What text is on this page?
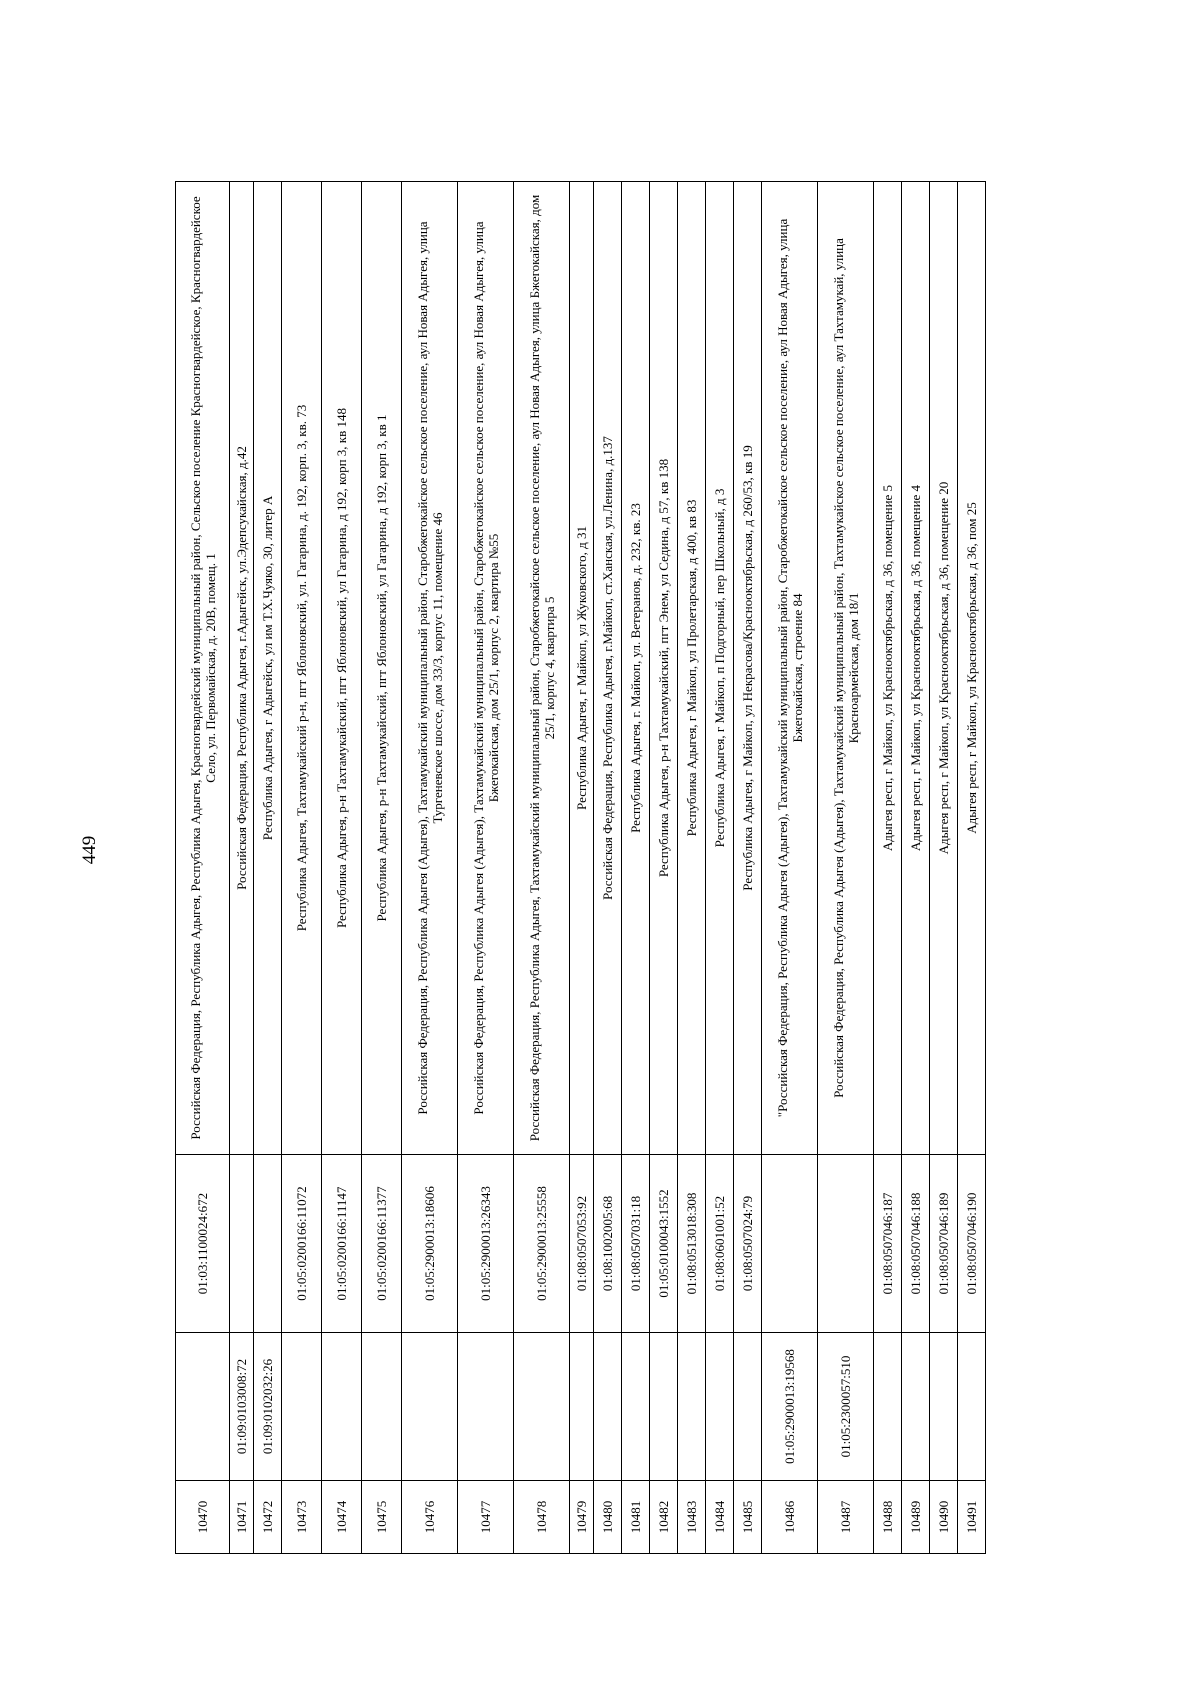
449
10470		01:03:1100024:672	Российская Федерация, Республика Адыгея, Республика Адыгея, Красногвардейский муниципальный район, Сельское поселение Красногвардейское, Красногвардейское Село, ул. Первомайская, д. 20В, помещ. 1
10471	01:09:0103008:72		Российская Федерация, Республика Адыгея, г.Адыгейск, ул.Эдепсукайская, д.42
10472	01:09:0102032:26		Республика Адыгея, г Адыгейск, ул им Т.Х.Чуяко, 30, литер А
10473		01:05:0200166:11072	Республика Адыгея, Тахтамукайский р-н, пгт Яблоновский, ул. Гагарина, д. 192, корп. 3, кв. 73
10474		01:05:0200166:11147	Республика Адыгея, р-н Тахтамукайский, пгт Яблоновский, ул Гагарина, д 192, корп 3, кв 148
10475		01:05:0200166:11377	Республика Адыгея, р-н Тахтамукайский, пгт Яблоновский, ул Гагарина, д 192, корп 3, кв 1
10476		01:05:2900013:18606	Российская Федерация, Республика Адыгея (Адыгея), Тахтамукайский муниципальный район, Старобжегокайское сельское поселение, аул Новая Адыгея, улица Тургеневское шоссе, дом 33/3, корпус 11, помещение 46
10477		01:05:2900013:26343	Российская Федерация, Республика Адыгея (Адыгея), Тахтамукайский муниципальный район, Старобжегокайское сельское поселение, аул Новая Адыгея, улица Бжегокайская, дом 25/1, корпус 2, квартира №55
10478		01:05:2900013:25558	Российская Федерация, Республика Адыгея, Тахтамукайский муниципальный район, Старобжегокайское сельское поселение, аул Новая Адыгея, улица Бжегокайская, дом 25/1, корпус 4, квартира 5
10479		01:08:0507053:92	Республика Адыгея, г Майкоп, ул Жуковского, д 31
10480		01:08:1002005:68	Российская Федерация, Республика Адыгея, г.Майкоп, ст.Ханская, ул.Ленина, д.137
10481		01:08:0507031:18	Республика Адыгея, г. Майкоп, ул. Ветеранов, д. 232, кв. 23
10482		01:05:0100043:1552	Республика Адыгея, р-н Тахтамукайский, пгт Энем, ул Седина, д 57, кв 138
10483		01:08:0513018:308	Республика Адыгея, г Майкоп, ул Пролетарская, д 400, кв 83
10484		01:08:0601001:52	Республика Адыгея, г Майкоп, п Подгорный, пер Школьный, д 3
10485		01:08:0507024:79	Республика Адыгея, г Майкоп, ул Некрасова/Краснооктябрьская, д 260/53, кв 19
10486	01:05:2900013:19568		"Российская Федерация, Республика Адыгея (Адыгея), Тахтамукайский муниципальный район, Старобжегокайское сельское поселение, аул Новая Адыгея, улица Бжегокайская, строение 84
10487	01:05:2300057:510		Российская Федерация, Республика Адыгея (Адыгея), Тахтамукайский муниципальный район, Тахтамукайское сельское поселение, аул Тахтамукай, улица Красноармейская, дом 18/1
10488		01:08:0507046:187	Адыгея респ, г Майкоп, ул Краснооктябрьская, д 36, помещение 5
10489		01:08:0507046:188	Адыгея респ, г Майкоп, ул Краснооктябрьская, д 36, помещение 4
10490		01:08:0507046:189	Адыгея респ, г Майкоп, ул Краснооктябрьская, д 36, помещение 20
10491		01:08:0507046:190	Адыгея респ, г Майкоп, ул Краснооктябрьская, д 36, пом 25
